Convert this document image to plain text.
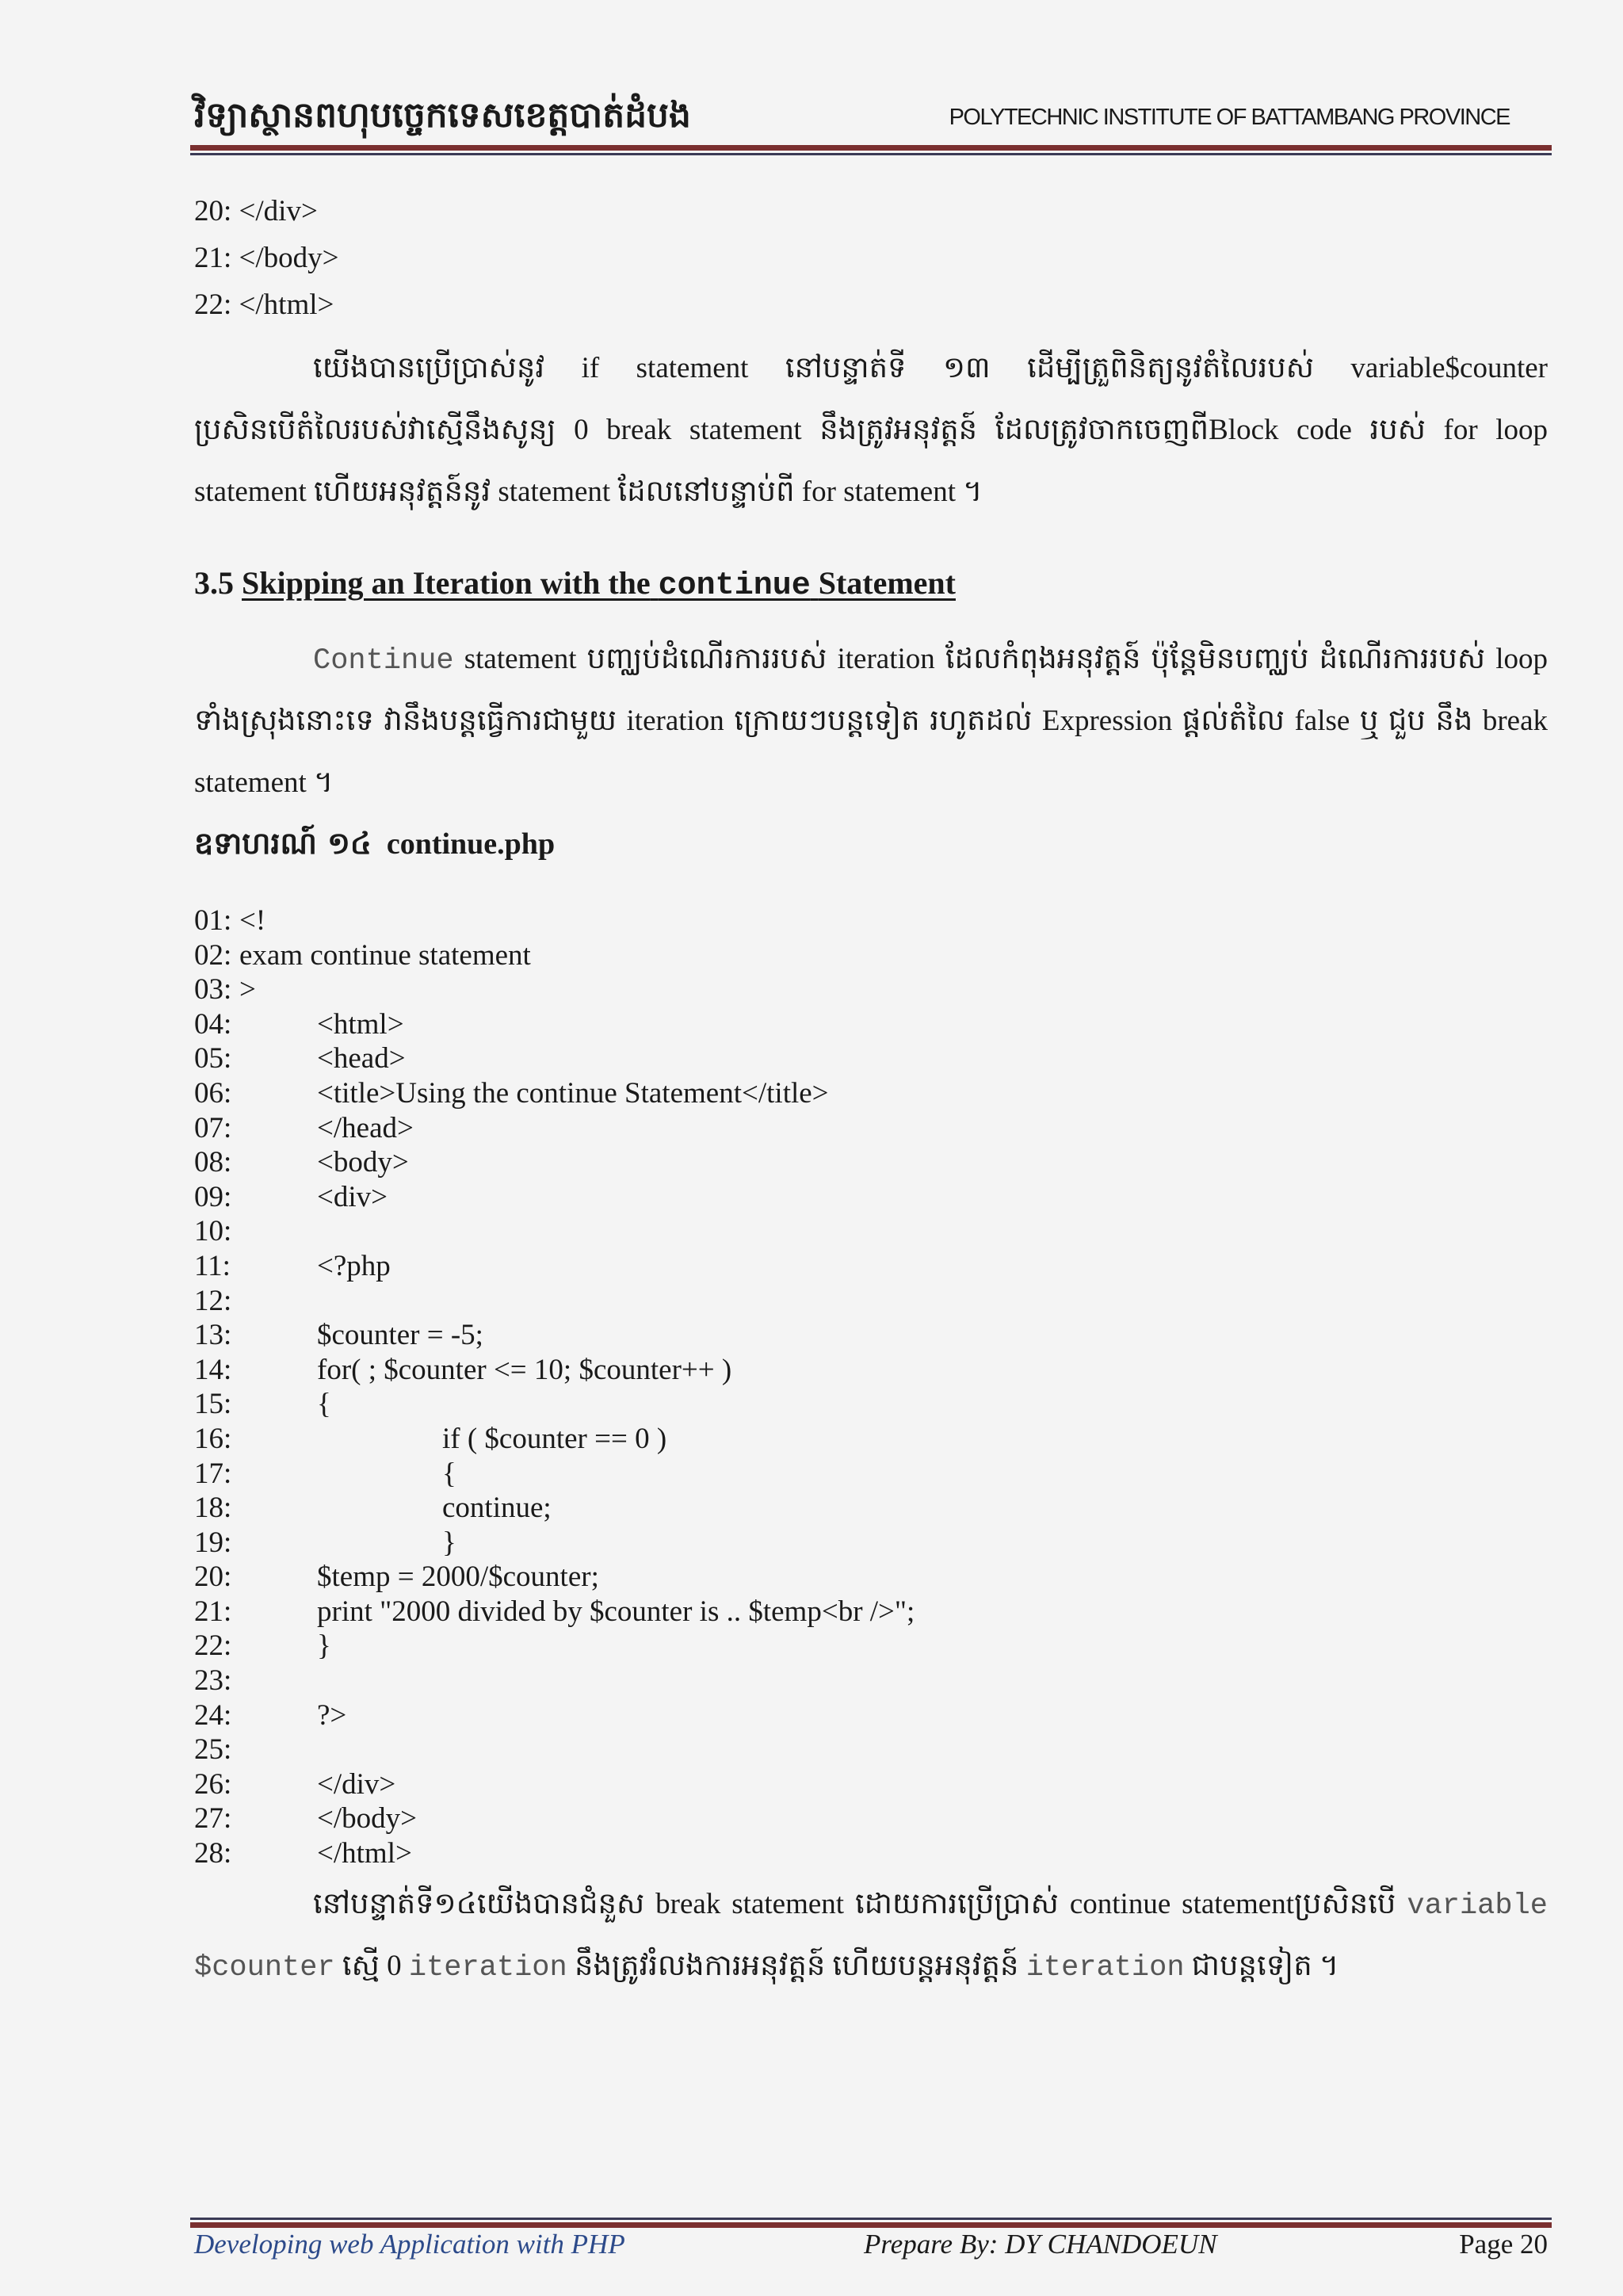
វិទ្យាស្ថានពហុបច្ចេកទេសខេត្តបាត់ដំបង	POLYTECHNIC INSTITUTE OF BATTAMBANG PROVINCE
20: </div>
21: </body>
22: </html>
យើងបានប្រើប្រាស់នូវ if statement នៅបន្ទាត់ទី ១៣ ដើម្បីត្រួពិនិត្យនូវតំលៃរបស់ variable$counter
ប្រសិនបើតំលៃរបស់វាស្មើនឹងសូន្យ 0 break statement នឹងត្រូវអនុវត្តន៍ ដែលត្រូវចាកចេញពីBlock code របស់ for loop
statement ហើយអនុវត្តន៍នូវ statement ដែលនៅបន្ទាប់ពី for statement ។
3.5 Skipping an Iteration with the continue Statement
Continue statement បញ្ឈប់ដំណើរការរបស់ iteration ដែលកំពុងអនុវត្តន៍ ប៉ុន្តែមិនបញ្ឈប់ ដំណើរការរបស់ loop
ទាំងស្រុងនោះទេ វានឹងបន្តធ្វើការជាមួយ iteration ក្រោយៗបន្តទៀត រហូតដល់ Expression ផ្តល់តំលៃ false ឬ ជួប នឹង break
statement ។
ឧទាហរណ៍ ១៤ continue.php
01: <!
02: exam continue statement
03: >
04:	<html>
05:	<head>
06:	<title>Using the continue Statement</title>
07:	</head>
08:	<body>
09:	<div>
10:
11:	<?php
12:
13:	$counter = -5;
14:	for( ; $counter <= 10; $counter++ )
15:	{
16:	if ( $counter == 0 )
17:	{
18:	continue;
19:	}
20:	$temp = 2000/$counter;
21:	print "2000 divided by $counter is .. $temp<br />";
22:	}
23:
24:	?>
25:
26:	</div>
27:	</body>
28:	</html>
នៅបន្ទាត់ទី១៤យើងបានជំនួស break statement ដោយការប្រើប្រាស់ continue statementប្រសិនបើ variable
$counter ស្មើ 0 iteration នឹងត្រូវរំលងការអនុវត្តន៍ ហើយបន្តអនុវត្តន៍ iteration ជាបន្តទៀត ។
Developing web Application with PHP	Prepare By: DY CHANDOEUN	Page 20
